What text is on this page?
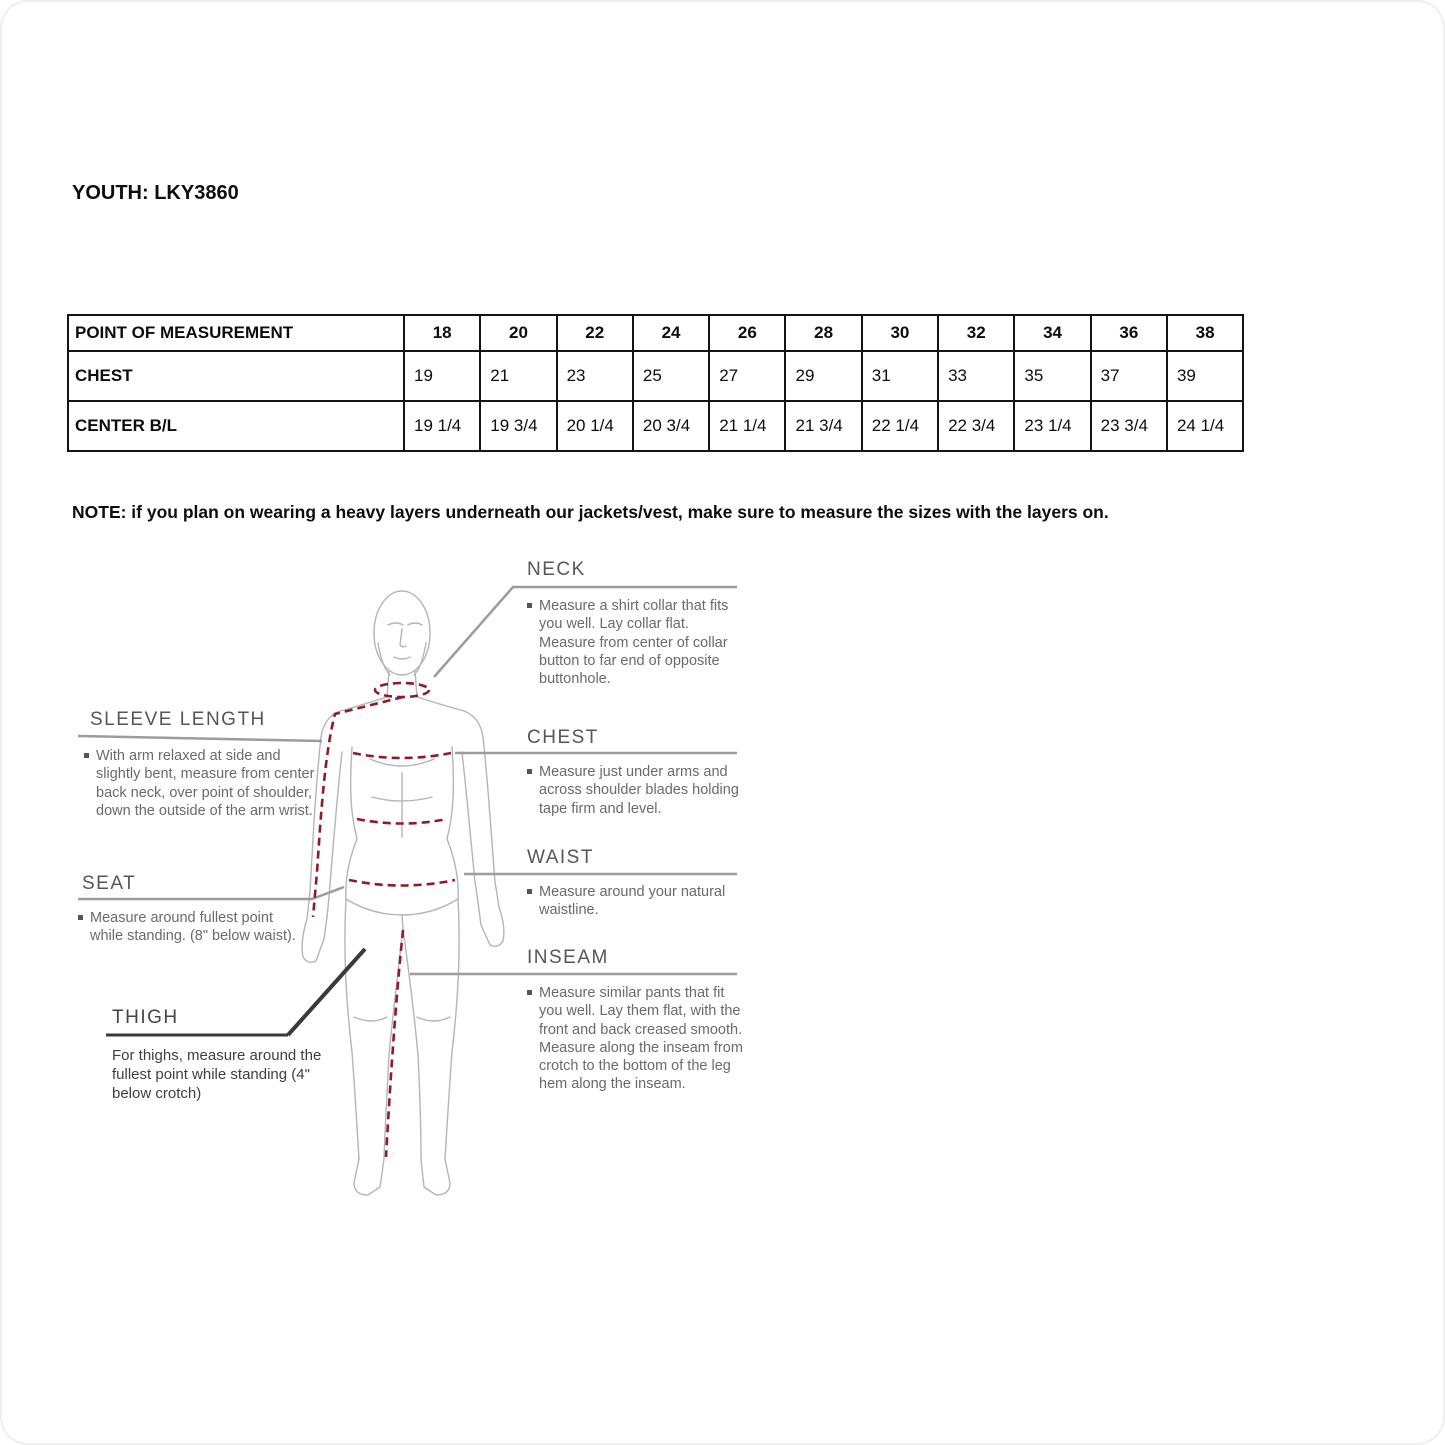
YOUTH: LKY3860
POINT OF MEASUREMENT	18	20	22	24	26	28	30	32	34	36	38
CHEST	19	21	23	25	27	29	31	33	35	37	39
CENTER B/L	19 1/4	19 3/4	20 1/4	20 3/4	21 1/4	21 3/4	22 1/4	22 3/4	23 1/4	23 3/4	24 1/4
NOTE: if you plan on wearing a heavy layers underneath our jackets/vest, make sure to measure the sizes with the layers on.
NECK
Measure a shirt collar that fits you well. Lay collar flat. Measure from center of collar button to far end of opposite buttonhole.
SLEEVE LENGTH
With arm relaxed at side and slightly bent, measure from center back neck, over point of shoulder, down the outside of the arm wrist.
CHEST
Measure just under arms and across shoulder blades holding tape firm and level.
WAIST
Measure around your natural waistline.
SEAT
Measure around fullest point while standing. (8" below waist).
INSEAM
Measure similar pants that fit you well. Lay them flat, with the front and back creased smooth. Measure along the inseam from crotch to the bottom of the leg hem along the inseam.
THIGH
For thighs, measure around the fullest point while standing (4" below crotch)
